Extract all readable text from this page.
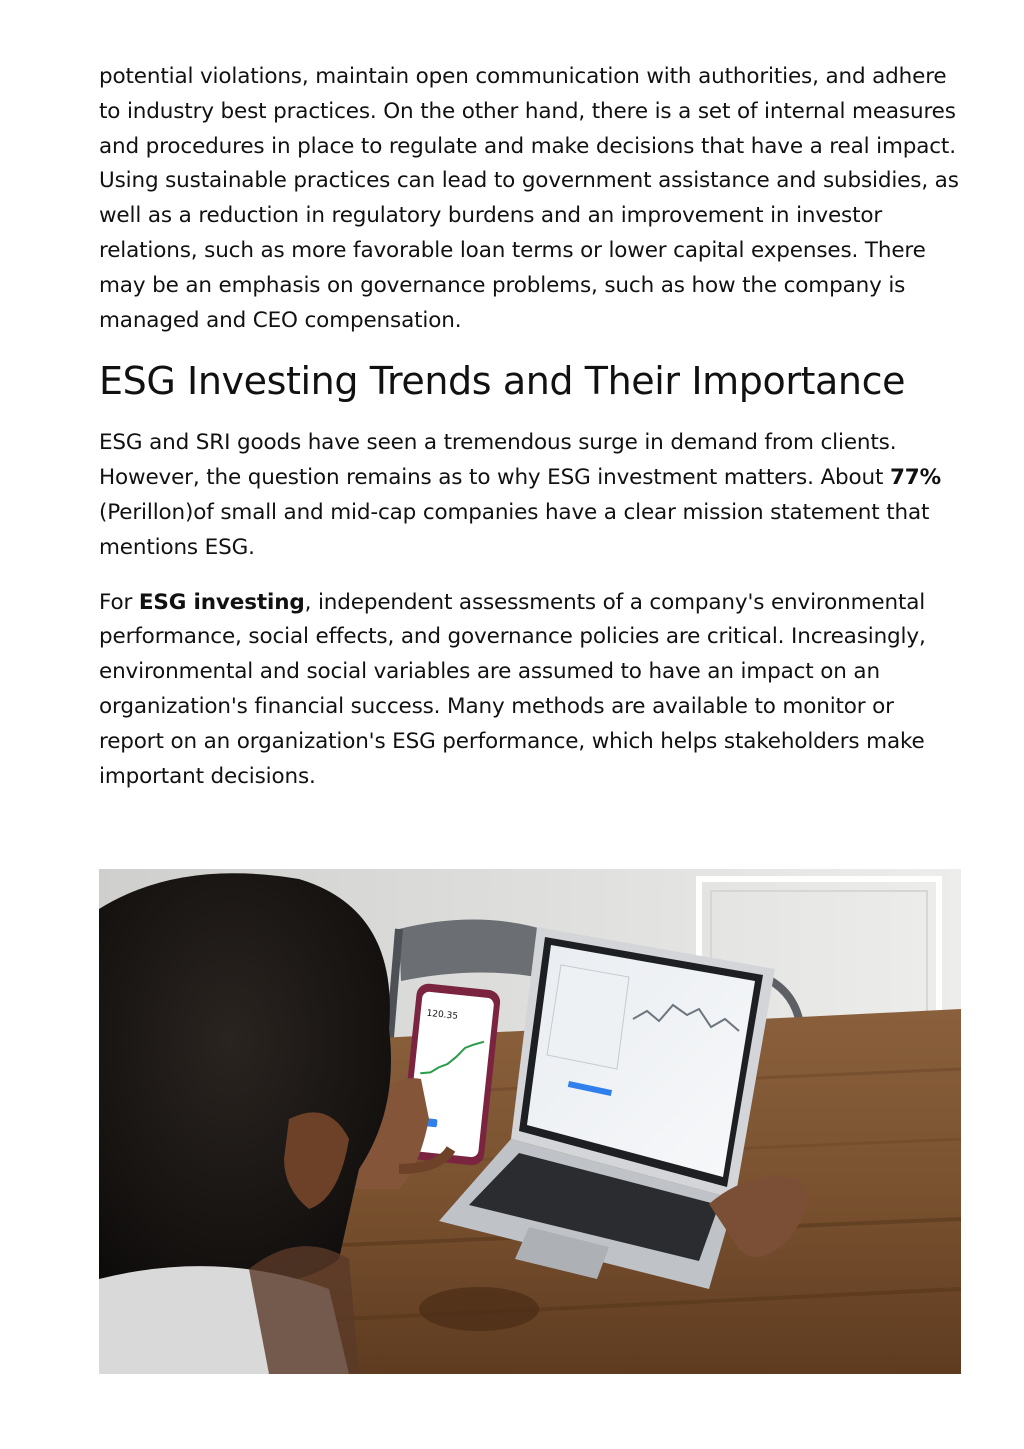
potential violations, maintain open communication with authorities, and adhere to industry best practices. On the other hand, there is a set of internal measures and procedures in place to regulate and make decisions that have a real impact. Using sustainable practices can lead to government assistance and subsidies, as well as a reduction in regulatory burdens and an improvement in investor relations, such as more favorable loan terms or lower capital expenses. There may be an emphasis on governance problems, such as how the company is managed and CEO compensation.

ESG Investing Trends and Their Importance

ESG and SRI goods have seen a tremendous surge in demand from clients. However, the question remains as to why ESG investment matters. About 77% (Perillon)of small and mid-cap companies have a clear mission statement that mentions ESG.

For ESG investing, independent assessments of a company's environmental performance, social effects, and governance policies are critical. Increasingly, environmental and social variables are assumed to have an impact on an organization's financial success. Many methods are available to monitor or report on an organization's ESG performance, which helps stakeholders make important decisions.

120.35
